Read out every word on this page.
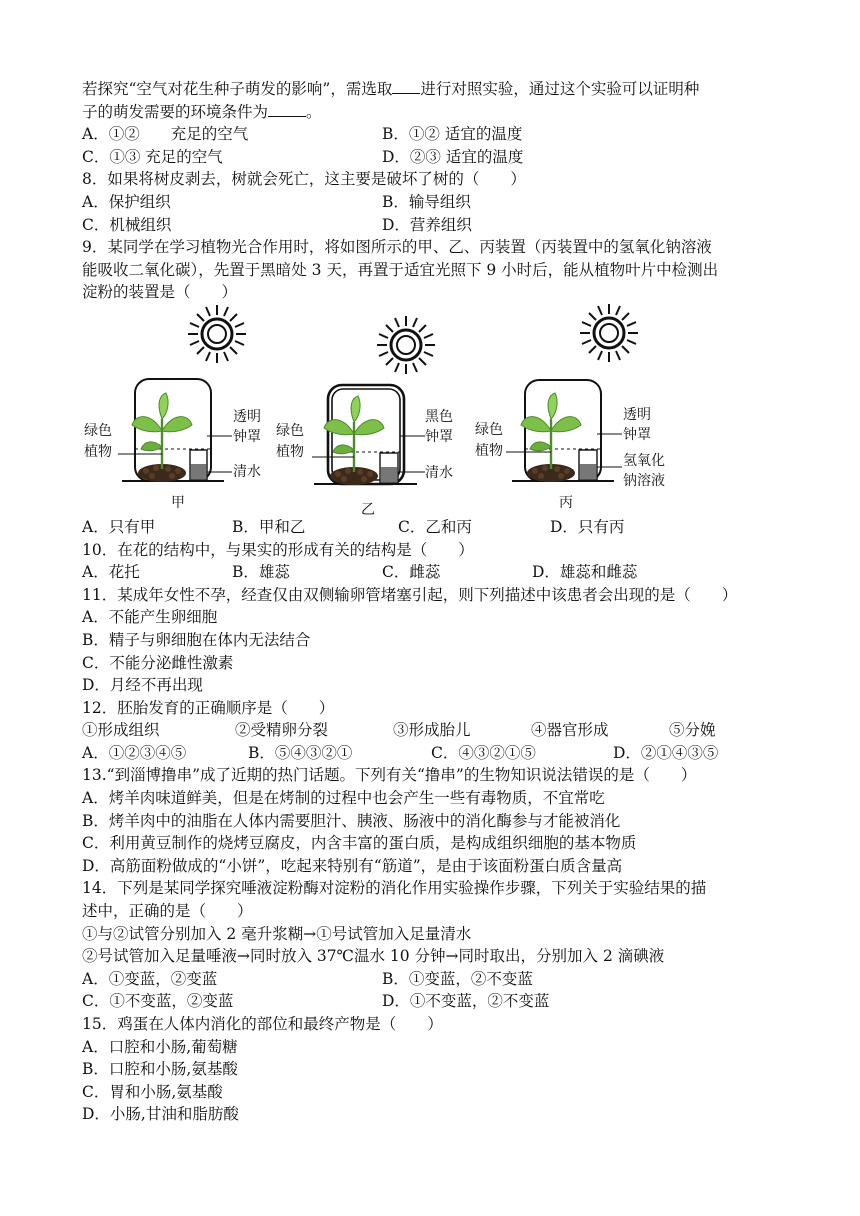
若探究“空气对花生种子萌发的影响”，需选取 进行对照实验，通过这个实验可以证明种
子的萌发需要的环境条件为 。
A．①②　　充足的空气	B．①② 适宜的温度
C．①③ 充足的空气	D．②③ 适宜的温度
8．如果将树皮剥去，树就会死亡，这主要是破坏了树的（　　）
A．保护组织	B．输导组织
C．机械组织	D．营养组织
9．某同学在学习植物光合作用时，将如图所示的甲、乙、丙装置（丙装置中的氢氧化钠溶液
能吸收二氧化碳），先置于黑暗处 3 天，再置于适宜光照下 9 小时后，能从植物叶片中检测出
淀粉的装置是（　　）
绿色
植物
透明
钟罩
清水
甲
绿色
植物
黑色
钟罩
清水
乙
绿色
植物
透明
钟罩
氢氧化
钠溶液
丙
A．只有甲	B．甲和乙	C．乙和丙	D．只有丙
10．在花的结构中，与果实的形成有关的结构是（　　）
A．花托	B．雄蕊	C．雌蕊	D．雄蕊和雌蕊
11．某成年女性不孕，经查仅由双侧输卵管堵塞引起，则下列描述中该患者会出现的是（　　）
A．不能产生卵细胞
B．精子与卵细胞在体内无法结合
C．不能分泌雌性激素
D．月经不再出现
12．胚胎发育的正确顺序是（　　）
①形成组织	②受精卵分裂	③形成胎儿	④器官形成	⑤分娩
A．①②③④⑤	B．⑤④③②①	C．④③②①⑤	D．②①④③⑤
13.“到淄博撸串”成了近期的热门话题。下列有关“撸串”的生物知识说法错误的是（　　）
A．烤羊肉味道鲜美，但是在烤制的过程中也会产生一些有毒物质，不宜常吃
B．烤羊肉中的油脂在人体内需要胆汁、胰液、肠液中的消化酶参与才能被消化
C．利用黄豆制作的烧烤豆腐皮，内含丰富的蛋白质，是构成组织细胞的基本物质
D．高筋面粉做成的“小饼”，吃起来特别有“筋道”，是由于该面粉蛋白质含量高
14．下列是某同学探究唾液淀粉酶对淀粉的消化作用实验操作步骤，下列关于实验结果的描
述中，正确的是（　　）
①与②试管分别加入 2 毫升浆糊→①号试管加入足量清水
②号试管加入足量唾液→同时放入 37℃温水 10 分钟→同时取出，分别加入 2 滴碘液
A．①变蓝，②变蓝	B．①变蓝，②不变蓝
C．①不变蓝，②变蓝	D．①不变蓝，②不变蓝
15．鸡蛋在人体内消化的部位和最终产物是（　　）
A．口腔和小肠,葡萄糖
B．口腔和小肠,氨基酸
C．胃和小肠,氨基酸
D．小肠,甘油和脂肪酸
